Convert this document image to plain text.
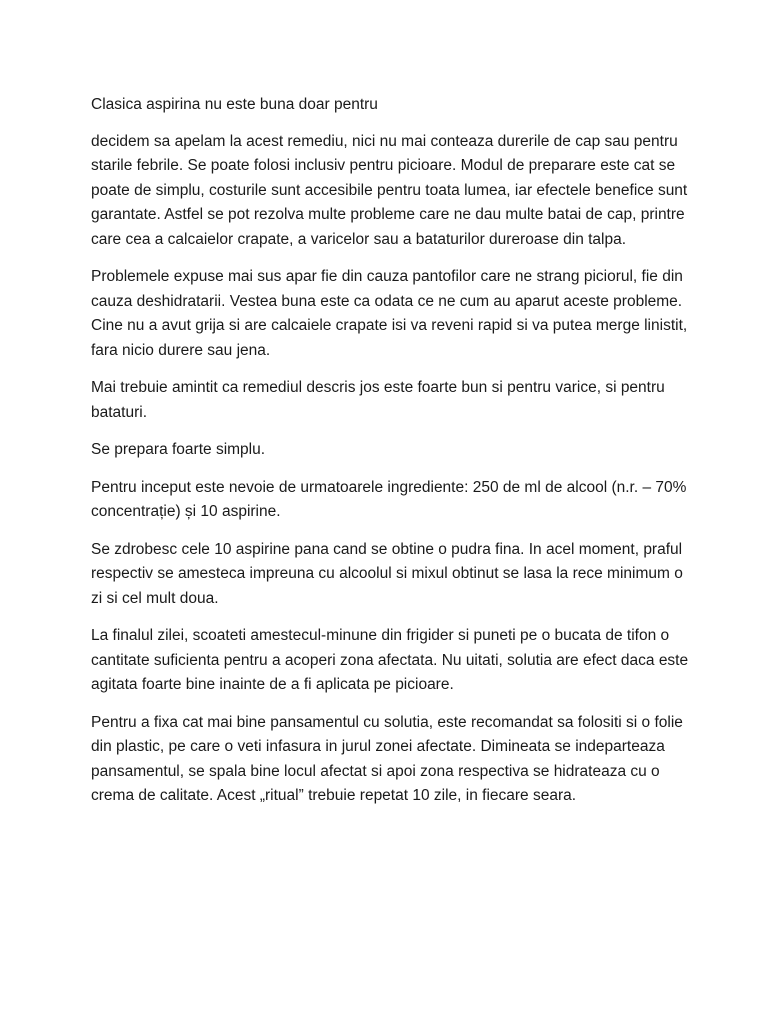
Clasica aspirina nu este buna doar pentru

decidem sa apelam la acest remediu, nici nu mai conteaza durerile de cap sau pentru starile febrile. Se poate folosi inclusiv pentru picioare. Modul de preparare este cat se poate de simplu, costurile sunt accesibile pentru toata lumea, iar efectele benefice sunt garantate. Astfel se pot rezolva multe probleme care ne dau multe batai de cap, printre care cea a calcaielor crapate, a varicelor sau a bataturilor dureroase din talpa.

Problemele expuse mai sus apar fie din cauza pantofilor care ne strang piciorul, fie din cauza deshidratarii. Vestea buna este ca odata ce ne cum au aparut aceste probleme. Cine nu a avut grija si are calcaiele crapate isi va reveni rapid si va putea merge linistit, fara nicio durere sau jena.

Mai trebuie amintit ca remediul descris jos este foarte bun si pentru varice, si pentru bataturi.

Se prepara foarte simplu.

Pentru inceput este nevoie de urmatoarele ingrediente: 250 de ml de alcool (n.r. – 70% concentrație) și 10 aspirine.

Se zdrobesc cele 10 aspirine pana cand se obtine o pudra fina. In acel moment, praful respectiv se amesteca impreuna cu alcoolul si mixul obtinut se lasa la rece minimum o zi si cel mult doua.

La finalul zilei, scoateti amestecul-minune din frigider si puneti pe o bucata de tifon o cantitate suficienta pentru a acoperi zona afectata. Nu uitati, solutia are efect daca este agitata foarte bine inainte de a fi aplicata pe picioare.

Pentru a fixa cat mai bine pansamentul cu solutia, este recomandat sa folositi si o folie din plastic, pe care o veti infasura in jurul zonei afectate. Dimineata se indeparteaza pansamentul, se spala bine locul afectat si apoi zona respectiva se hidrateaza cu o crema de calitate. Acest „ritual” trebuie repetat 10 zile, in fiecare seara.
